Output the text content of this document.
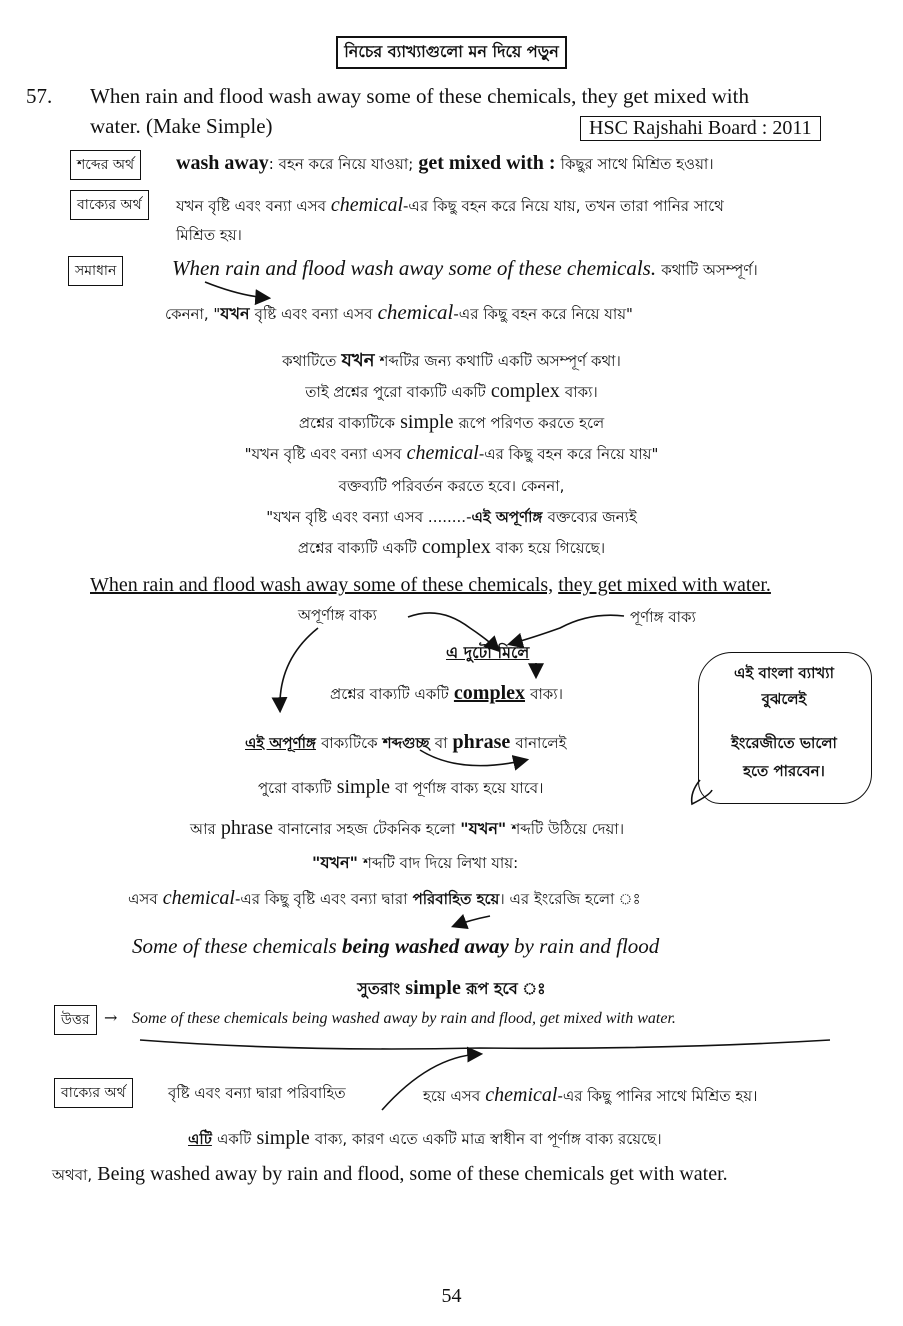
নিচের ব্যাখ্যাগুলো মন দিয়ে পড়ুন
57. When rain and flood wash away some of these chemicals, they get mixed with
water. (Make Simple)	HSC Rajshahi Board : 2011
শব্দের অর্থ	wash away: বহন করে নিয়ে যাওয়া; get mixed with : কিছুর সাথে মিশ্রিত হওয়া।
বাক্যের অর্থ	যখন বৃষ্টি এবং বন্যা এসব chemical-এর কিছু বহন করে নিয়ে যায়, তখন তারা পানির সাথে
মিশ্রিত হয়।
সমাধান	When rain and flood wash away some of these chemicals. কথাটি অসম্পূর্ণ।
কেননা, "যখন বৃষ্টি এবং বন্যা এসব chemical-এর কিছু বহন করে নিয়ে যায়"
কথাটিতে যখন শব্দটির জন্য কথাটি একটি অসম্পূর্ণ কথা।
তাই প্রশ্নের পুরো বাক্যটি একটি complex বাক্য।
প্রশ্নের বাক্যটিকে simple রূপে পরিণত করতে হলে
"যখন বৃষ্টি এবং বন্যা এসব chemical-এর কিছু বহন করে নিয়ে যায়"
বক্তব্যটি পরিবর্তন করতে হবে। কেননা,
"যখন বৃষ্টি এবং বন্যা এসব ........-এই অপূর্ণাঙ্গ বক্তব্যের জন্যই
প্রশ্নের বাক্যটি একটি complex বাক্য হয়ে গিয়েছে।
When rain and flood wash away some of these chemicals, they get mixed with water.
অপূর্ণাঙ্গ বাক্য	পূর্ণাঙ্গ বাক্য
এ দুটো মিলে
প্রশ্নের বাক্যটি একটি complex বাক্য।
এই অপূর্ণাঙ্গ বাক্যটিকে শব্দগুচ্ছ বা phrase বানালেই
পুরো বাক্যটি simple বা পূর্ণাঙ্গ বাক্য হয়ে যাবে।
আর phrase বানানোর সহজ টেকনিক হলো "যখন" শব্দটি উঠিয়ে দেয়া।
"যখন" শব্দটি বাদ দিয়ে লিখা যায়:
এসব chemical-এর কিছু বৃষ্টি এবং বন্যা দ্বারা পরিবাহিত হয়ে। এর ইংরেজি হলো ঃ
Some of these chemicals being washed away by rain and flood
সুতরাং simple রূপ হবে ঃ
এই বাংলা ব্যাখ্যা
বুঝলেই
ইংরেজীতে ভালো
হতে পারবেন।
উত্তর → Some of these chemicals being washed away by rain and flood, get mixed with water.
বাক্যের অর্থ	বৃষ্টি এবং বন্যা দ্বারা পরিবাহিত	হয়ে এসব chemical-এর কিছু পানির সাথে মিশ্রিত হয়।
এটি একটি simple বাক্য, কারণ এতে একটি মাত্র স্বাধীন বা পূর্ণাঙ্গ বাক্য রয়েছে।
অথবা, Being washed away by rain and flood, some of these chemicals get with water.
54
